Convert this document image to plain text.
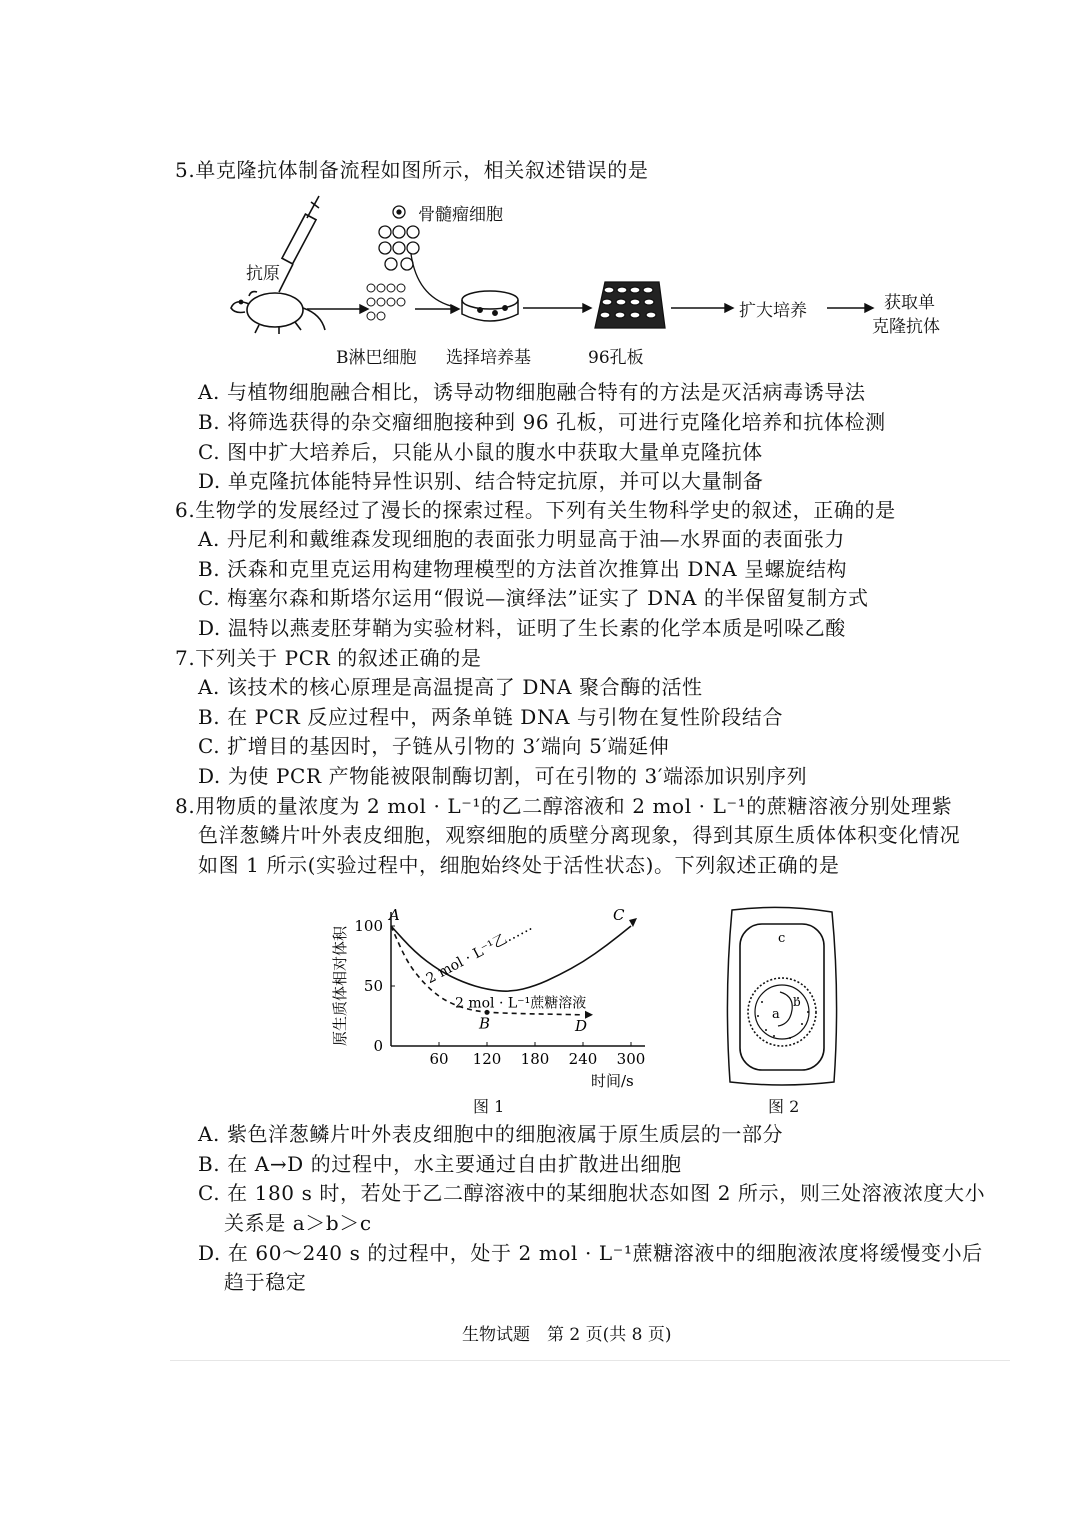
5.单克隆抗体制备流程如图所示，相关叙述错误的是
骨髓瘤细胞
抗原
B淋巴细胞 选择培养基	96孔板
扩大培养	获取单
克隆抗体
A. 与植物细胞融合相比，诱导动物细胞融合特有的方法是灭活病毒诱导法
B. 将筛选获得的杂交瘤细胞接种到 96 孔板，可进行克隆化培养和抗体检测
C. 图中扩大培养后，只能从小鼠的腹水中获取大量单克隆抗体
D. 单克隆抗体能特异性识别、结合特定抗原，并可以大量制备
6.生物学的发展经过了漫长的探索过程。下列有关生物科学史的叙述，正确的是
A. 丹尼利和戴维森发现细胞的表面张力明显高于油—水界面的表面张力
B. 沃森和克里克运用构建物理模型的方法首次推算出 DNA 呈螺旋结构
C. 梅塞尔森和斯塔尔运用“假说—演绎法”证实了 DNA 的半保留复制方式
D. 温特以燕麦胚芽鞘为实验材料，证明了生长素的化学本质是吲哚乙酸
7.下列关于 PCR 的叙述正确的是
A. 该技术的核心原理是高温提高了 DNA 聚合酶的活性
B. 在 PCR 反应过程中，两条单链 DNA 与引物在复性阶段结合
C. 扩增目的基因时，子链从引物的 3′端向 5′端延伸
D. 为使 PCR 产物能被限制酶切割，可在引物的 3′端添加识别序列
8.用物质的量浓度为 2 mol · L⁻¹的乙二醇溶液和 2 mol · L⁻¹的蔗糖溶液分别处理紫
色洋葱鳞片叶外表皮细胞，观察细胞的质壁分离现象，得到其原生质体体积变化情况
如图 1 所示(实验过程中，细胞始终处于活性状态)。下列叙述正确的是
60 120 180 240 300
0
50
100
时间/s
原生质体相对体积	2 mol · L⁻¹乙……
2 mol · L⁻¹蔗糖溶液
A
B
C
D
图 1
c
a
b
图 2
A. 紫色洋葱鳞片叶外表皮细胞中的细胞液属于原生质层的一部分
B. 在 A→D 的过程中，水主要通过自由扩散进出细胞
C. 在 180 s 时，若处于乙二醇溶液中的某细胞状态如图 2 所示，则三处溶液浓度大小
关系是 a＞b＞c
D. 在 60～240 s 的过程中，处于 2 mol · L⁻¹蔗糖溶液中的细胞液浓度将缓慢变小后
趋于稳定
生物试题　第 2 页(共 8 页)
